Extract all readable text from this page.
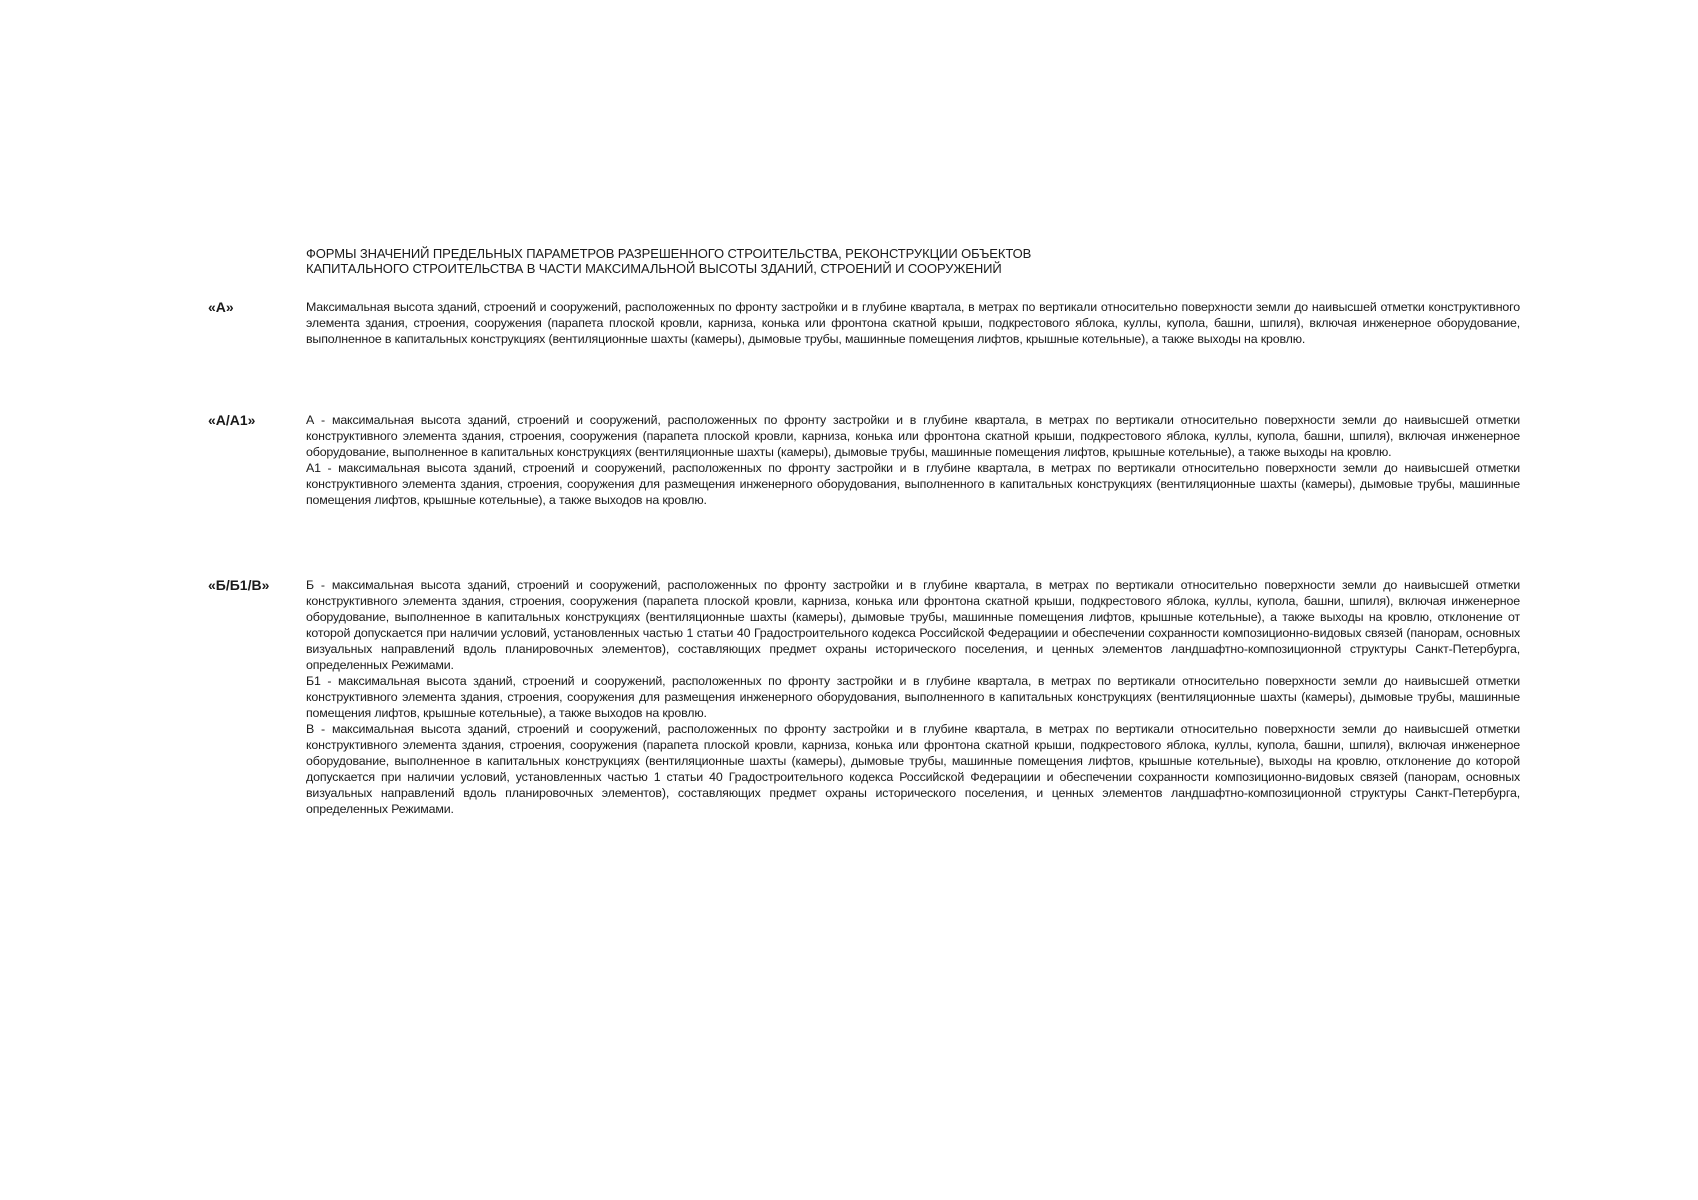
ФОРМЫ ЗНАЧЕНИЙ ПРЕДЕЛЬНЫХ ПАРАМЕТРОВ РАЗРЕШЕННОГО СТРОИТЕЛЬСТВА, РЕКОНСТРУКЦИИ ОБЪЕКТОВ
КАПИТАЛЬНОГО СТРОИТЕЛЬСТВА В ЧАСТИ МАКСИМАЛЬНОЙ ВЫСОТЫ ЗДАНИЙ, СТРОЕНИЙ И СООРУЖЕНИЙ
«А»	Максимальная высота зданий, строений и сооружений, расположенных по фронту застройки и в глубине квартала, в метрах по вертикали относительно поверхности земли до наивысшей отметки конструктивного элемента здания, строения, сооружения (парапета плоской кровли, карниза, конька или фронтона скатной крыши, подкрестового яблока, куллы, купола, башни, шпиля), включая инженерное оборудование, выполненное в капитальных конструкциях (вентиляционные шахты (камеры), дымовые трубы, машинные помещения лифтов, крышные котельные), а также выходы на кровлю.

«А/А1»	А - максимальная высота зданий, строений и сооружений, расположенных по фронту застройки и в глубине квартала, в метрах по вертикали относительно поверхности земли до наивысшей отметки конструктивного элемента здания, строения, сооружения (парапета плоской кровли, карниза, конька или фронтона скатной крыши, подкрестового яблока, куллы, купола, башни, шпиля), включая инженерное оборудование, выполненное в капитальных конструкциях (вентиляционные шахты (камеры), дымовые трубы, машинные помещения лифтов, крышные котельные), а также выходы на кровлю.

А1 - максимальная высота зданий, строений и сооружений, расположенных по фронту застройки и в глубине квартала, в метрах по вертикали относительно поверхности земли до наивысшей отметки конструктивного элемента здания, строения, сооружения для размещения инженерного оборудования, выполненного в капитальных конструкциях (вентиляционные шахты (камеры), дымовые трубы, машинные помещения лифтов, крышные котельные), а также выходов на кровлю.

«Б/Б1/В»	Б - максимальная высота зданий, строений и сооружений, расположенных по фронту застройки и в глубине квартала, в метрах по вертикали относительно поверхности земли до наивысшей отметки конструктивного элемента здания, строения, сооружения (парапета плоской кровли, карниза, конька или фронтона скатной крыши, подкрестового яблока, куллы, купола, башни, шпиля), включая инженерное оборудование, выполненное в капитальных конструкциях (вентиляционные шахты (камеры), дымовые трубы, машинные помещения лифтов, крышные котельные), а также выходы на кровлю, отклонение от которой допускается при наличии условий, установленных частью 1 статьи 40 Градостроительного кодекса Российской Федерациии и обеспечении сохранности композиционно-видовых связей (панорам, основных визуальных направлений вдоль планировочных элементов), составляющих предмет охраны исторического поселения, и ценных элементов ландшафтно-композиционной структуры Санкт-Петербурга, определенных Режимами.

Б1 - максимальная высота зданий, строений и сооружений, расположенных по фронту застройки и в глубине квартала, в метрах по вертикали относительно поверхности земли до наивысшей отметки конструктивного элемента здания, строения, сооружения для размещения инженерного оборудования, выполненного в капитальных конструкциях (вентиляционные шахты (камеры), дымовые трубы, машинные помещения лифтов, крышные котельные), а также выходов на кровлю.

В - максимальная высота зданий, строений и сооружений, расположенных по фронту застройки и в глубине квартала, в метрах по вертикали относительно поверхности земли до наивысшей отметки конструктивного элемента здания, строения, сооружения (парапета плоской кровли, карниза, конька или фронтона скатной крыши, подкрестового яблока, куллы, купола, башни, шпиля), включая инженерное оборудование, выполненное в капитальных конструкциях (вентиляционные шахты (камеры), дымовые трубы, машинные помещения лифтов, крышные котельные), выходы на кровлю, отклонение до которой допускается при наличии условий, установленных частью 1 статьи 40 Градостроительного кодекса Российской Федерациии и обеспечении сохранности композиционно-видовых связей (панорам, основных визуальных направлений вдоль планировочных элементов), составляющих предмет охраны исторического поселения, и ценных элементов ландшафтно-композиционной структуры Санкт-Петербурга, определенных Режимами.
